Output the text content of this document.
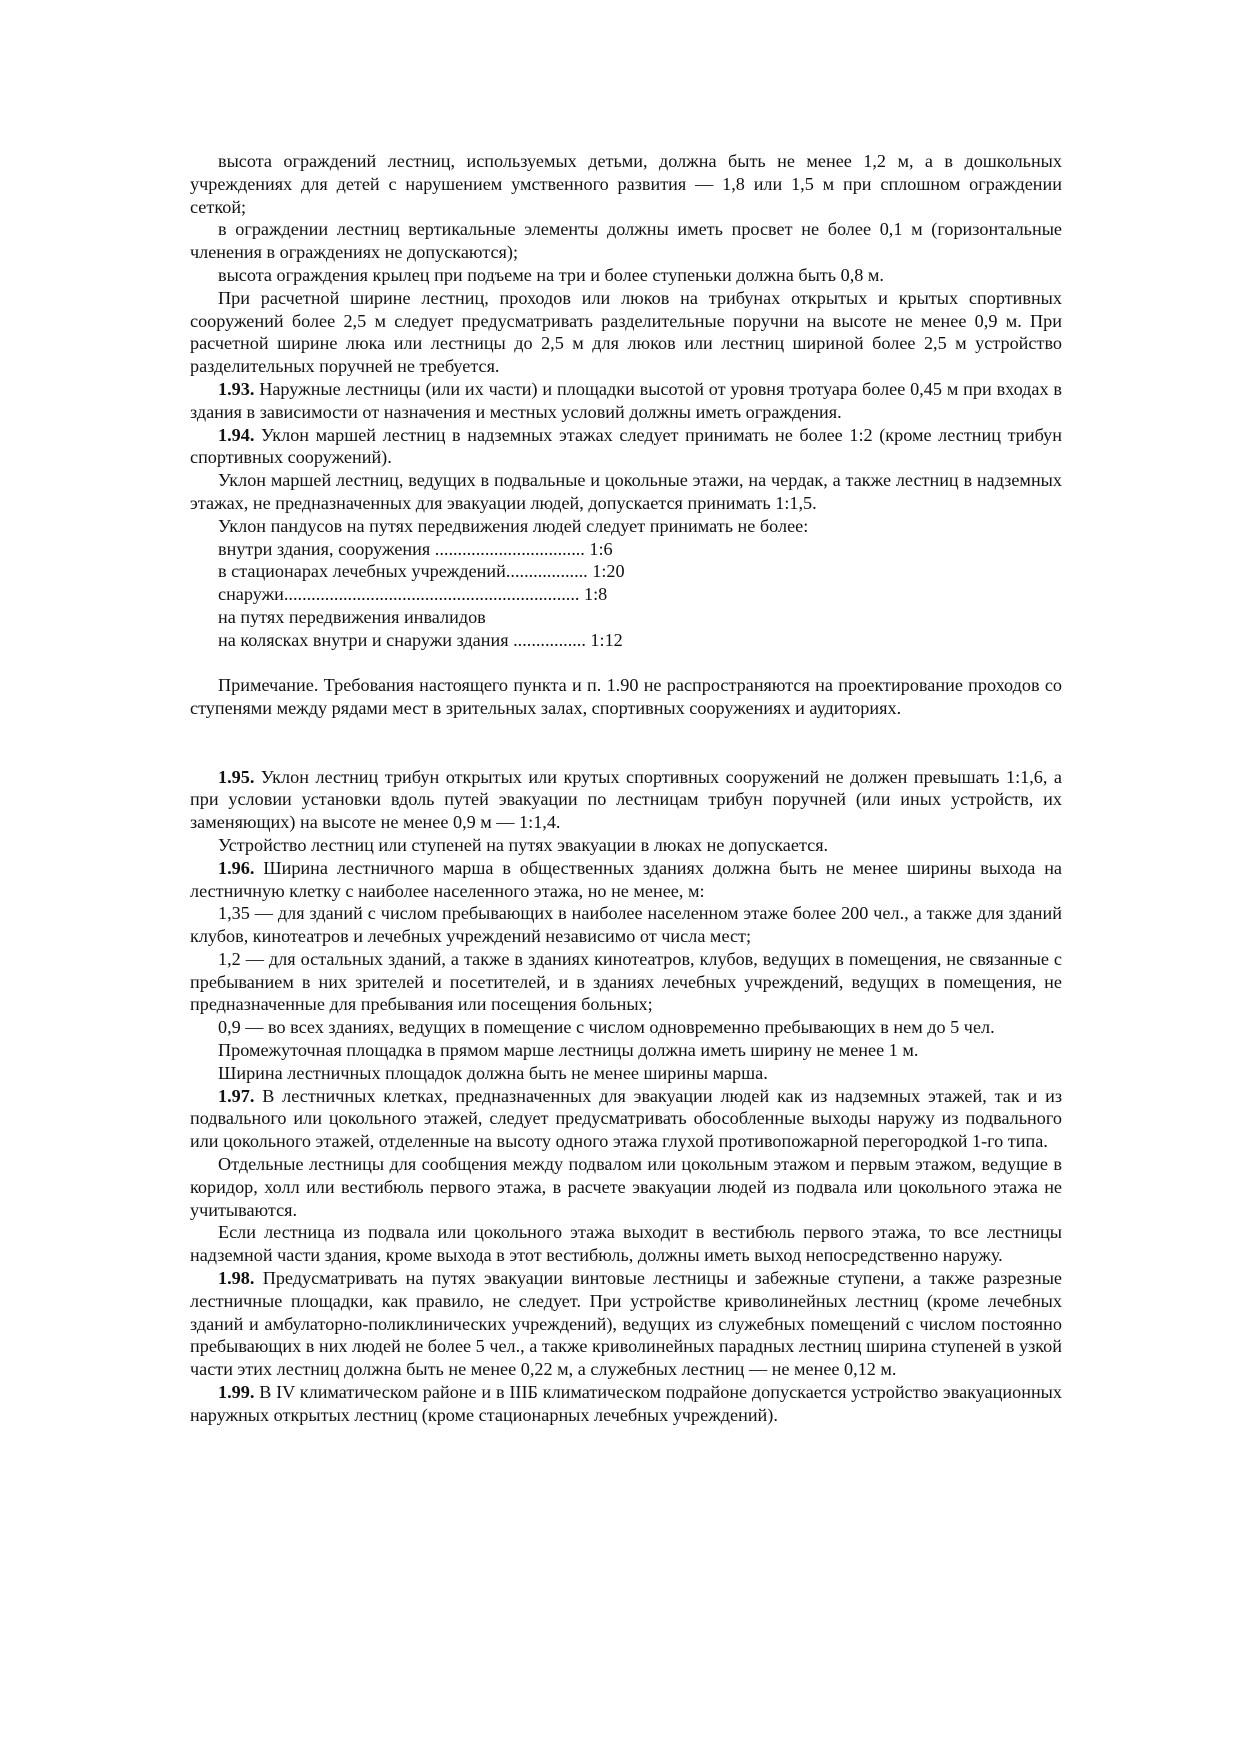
высота ограждений лестниц, используемых детьми, должна быть не менее 1,2 м, а в дошкольных учреждениях для детей с нарушением умственного развития — 1,8 или 1,5 м при сплошном ограждении сеткой;

в ограждении лестниц вертикальные элементы должны иметь просвет не более 0,1 м (горизонтальные членения в ограждениях не допускаются);

высота ограждения крылец при подъеме на три и более ступеньки должна быть 0,8 м.

При расчетной ширине лестниц, проходов или люков на трибунах открытых и крытых спортивных сооружений более 2,5 м следует предусматривать разделительные поручни на высоте не менее 0,9 м. При расчетной ширине люка или лестницы до 2,5 м для люков или лестниц шириной более 2,5 м устройство разделительных поручней не требуется.

1.93. Наружные лестницы (или их части) и площадки высотой от уровня тротуара более 0,45 м при входах в здания в зависимости от назначения и местных условий должны иметь ограждения.

1.94. Уклон маршей лестниц в надземных этажах следует принимать не более 1:2 (кроме лестниц трибун спортивных сооружений).

Уклон маршей лестниц, ведущих в подвальные и цокольные этажи, на чердак, а также лестниц в надземных этажах, не предназначенных для эвакуации людей, допускается принимать 1:1,5.

Уклон пандусов на путях передвижения людей следует принимать не более:

внутри здания, сооружения ................................. 1:6

в стационарах лечебных учреждений.................. 1:20

снаружи................................................................. 1:8

на путях передвижения инвалидов

на колясках внутри и снаружи здания ................ 1:12

Примечание. Требования настоящего пункта и п. 1.90 не распространяются на проектирование проходов со ступенями между рядами мест в зрительных залах, спортивных сооружениях и аудиториях.

1.95. Уклон лестниц трибун открытых или крутых спортивных сооружений не должен превышать 1:1,6, а при условии установки вдоль путей эвакуации по лестницам трибун поручней (или иных устройств, их заменяющих) на высоте не менее 0,9 м — 1:1,4.

Устройство лестниц или ступеней на путях эвакуации в люках не допускается.

1.96. Ширина лестничного марша в общественных зданиях должна быть не менее ширины выхода на лестничную клетку с наиболее населенного этажа, но не менее, м:

1,35 — для зданий с числом пребывающих в наиболее населенном этаже более 200 чел., а также для зданий клубов, кинотеатров и лечебных учреждений независимо от числа мест;

1,2 — для остальных зданий, а также в зданиях кинотеатров, клубов, ведущих в помещения, не связанные с пребыванием в них зрителей и посетителей, и в зданиях лечебных учреждений, ведущих в помещения, не предназначенные для пребывания или посещения больных;

0,9 — во всех зданиях, ведущих в помещение с числом одновременно пребывающих в нем до 5 чел.

Промежуточная площадка в прямом марше лестницы должна иметь ширину не менее 1 м.

Ширина лестничных площадок должна быть не менее ширины марша.

1.97. В лестничных клетках, предназначенных для эвакуации людей как из надземных этажей, так и из подвального или цокольного этажей, следует предусматривать обособленные выходы наружу из подвального или цокольного этажей, отделенные на высоту одного этажа глухой противопожарной перегородкой 1-го типа.

Отдельные лестницы для сообщения между подвалом или цокольным этажом и первым этажом, ведущие в коридор, холл или вестибюль первого этажа, в расчете эвакуации людей из подвала или цокольного этажа не учитываются.

Если лестница из подвала или цокольного этажа выходит в вестибюль первого этажа, то все лестницы надземной части здания, кроме выхода в этот вестибюль, должны иметь выход непосредственно наружу.

1.98. Предусматривать на путях эвакуации винтовые лестницы и забежные ступени, а также разрезные лестничные площадки, как правило, не следует. При устройстве криволинейных лестниц (кроме лечебных зданий и амбулаторно-поликлинических учреждений), ведущих из служебных помещений с числом постоянно пребывающих в них людей не более 5 чел., а также криволинейных парадных лестниц ширина ступеней в узкой части этих лестниц должна быть не менее 0,22 м, а служебных лестниц — не менее 0,12 м.

1.99. В IV климатическом районе и в IIIБ климатическом подрайоне допускается устройство эвакуационных наружных открытых лестниц (кроме стационарных лечебных учреждений).
